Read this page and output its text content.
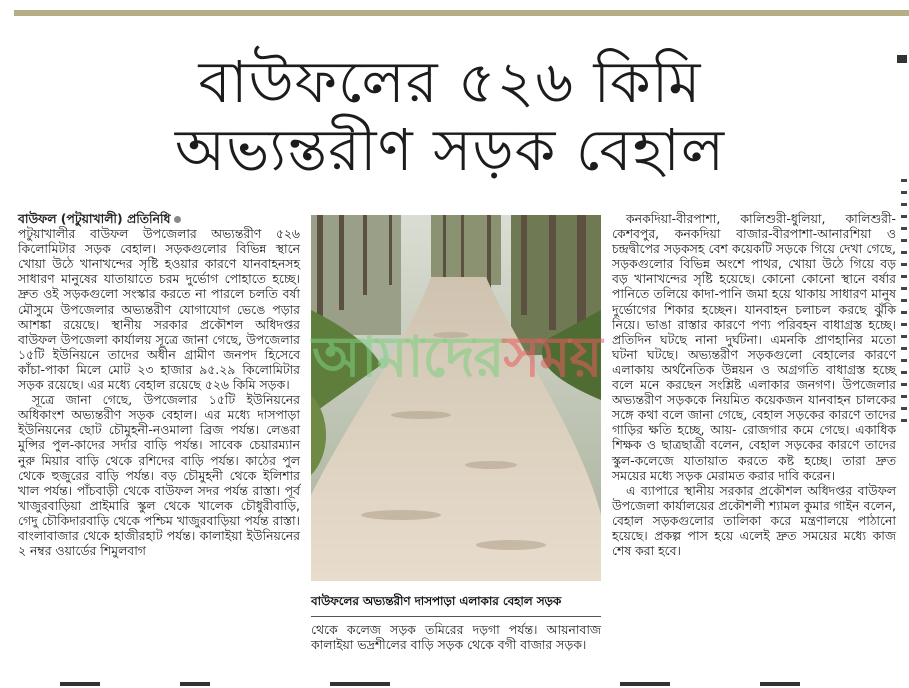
বাউফলের ৫২৬ কিমি
অভ্যন্তরীণ সড়ক বেহাল

বাউফল (পটুয়াখালী) প্রতিনিধি

পটুয়াখালীর বাউফল উপজেলার অভ্যন্তরীণ ৫২৬ কিলোমিটার সড়ক বেহাল। সড়কগুলোর বিভিন্ন স্থানে খোয়া উঠে খানাখন্দের সৃষ্টি হওয়ার কারণে যানবাহনসহ সাধারণ মানুষের যাতায়াতে চরম দুর্ভোগ পোহাতে হচ্ছে। দ্রুত ওই সড়কগুলো সংস্কার করতে না পারলে চলতি বর্ষা মৌসুমে উপজেলার অভ্যন্তরীণ যোগাযোগ ভেঙে পড়ার আশঙ্কা রয়েছে। স্থানীয় সরকার প্রকৌশল অধিদপ্তর বাউফল উপজেলা কার্যালয় সূত্রে জানা গেছে, উপজেলার ১৫টি ইউনিয়নে তাদের অধীন গ্রামীণ জনপদ হিসেবে কাঁচা-পাকা মিলে মোট ২৩ হাজার ৯৫.২৯ কিলোমিটার সড়ক রয়েছে। এর মধ্যে বেহাল রয়েছে ৫২৬ কিমি সড়ক।

সূত্রে জানা গেছে, উপজেলার ১৫টি ইউনিয়নের অধিকাংশ অভ্যন্তরীণ সড়ক বেহাল। এর মধ্যে দাসপাড়া ইউনিয়নের ছোট চৌমুহনী-নওমালা ব্রিজ পর্যন্ত। লেঙরা মুন্সির পুল-কাদের সর্দার বাড়ি পর্যন্ত। সাবেক চেয়ারম্যান নুরু মিয়ার বাড়ি থেকে রশিদের বাড়ি পর্যন্ত। কাঠের পুল থেকে হুজুরের বাড়ি পর্যন্ত। বড় চৌমুহনী থেকে ইলিশার খাল পর্যন্ত। পাঁচবাড়ী থেকে বাউফল সদর পর্যন্ত রাস্তা। পূর্ব খাজুরবাড়িয়া প্রাইমারি স্কুল থেকে খালেক চৌধুরীবাড়ি, গেদু চৌকিদারবাড়ি থেকে পশ্চিম খাজুরবাড়িয়া পর্যন্ত রাস্তা। বাংলাবাজার থেকে হাজীরহাট পর্যন্ত। কালাইয়া ইউনিয়নের ২ নম্বর ওয়ার্ডের শিমুলবাগ

আমাদেরসময়
বাউফলের অভ্যন্তরীণ দাসপাড়া এলাকার বেহাল সড়ক

থেকে কলেজ সড়ক তমিরের দড়গা পর্যন্ত। আয়নাবাজ কালাইয়া ভদ্রশীলের বাড়ি সড়ক থেকে বগী বাজার সড়ক।

কনকদিয়া-বীরপাশা, কালিশুরী-ধুলিয়া, কালিশুরী-কেশবপুর, কনকদিয়া বাজার-বীরপাশা-আনারশিয়া ও চন্দ্রদ্বীপের সড়কসহ বেশ কয়েকটি সড়কে গিয়ে দেখা গেছে, সড়কগুলোর বিভিন্ন অংশে পাথর, খোয়া উঠে গিয়ে বড় বড় খানাখন্দের সৃষ্টি হয়েছে। কোনো কোনো স্থানে বর্ষার পানিতে তলিয়ে কাদা-পানি জমা হয়ে থাকায় সাধারণ মানুষ দুর্ভোগের শিকার হচ্ছেন। যানবাহন চলাচল করছে ঝুঁকি নিয়ে। ভাঙা রাস্তার কারণে পণ্য পরিবহন বাধাগ্রস্ত হচ্ছে। প্রতিদিন ঘটছে নানা দুর্ঘটনা। এমনকি প্রাণহানির মতো ঘটনা ঘটছে। অভ্যন্তরীণ সড়কগুলো বেহালের কারণে এলাকায় অর্থনৈতিক উন্নয়ন ও অগ্রগতি বাধাগ্রস্ত হচ্ছে বলে মনে করছেন সংশ্লিষ্ট এলাকার জনগণ। উপজেলার অভ্যন্তরীণ সড়ককে নিয়মিত কয়েকজন যানবাহন চালকের সঙ্গে কথা বলে জানা গেছে, বেহাল সড়কের কারণে তাদের গাড়ির ক্ষতি হচ্ছে, আয়- রোজগার কমে গেছে। একাধিক শিক্ষক ও ছাত্রছাত্রী বলেন, বেহাল সড়কের কারণে তাদের স্কুল-কলেজে যাতায়াত করতে কষ্ট হচ্ছে। তারা দ্রুত সময়ের মধ্যে সড়ক মেরামত করার দাবি করেন।

এ ব্যাপারে স্থানীয় সরকার প্রকৌশল অধিদপ্তর বাউফল উপজেলা কার্যালয়ের প্রকৌশলী শ্যামল কুমার গাইন বলেন, বেহাল সড়কগুলোর তালিকা করে মন্ত্রণালয়ে পাঠানো হয়েছে। প্রকল্প পাস হয়ে এলেই দ্রুত সময়ের মধ্যে কাজ শেষ করা হবে।
